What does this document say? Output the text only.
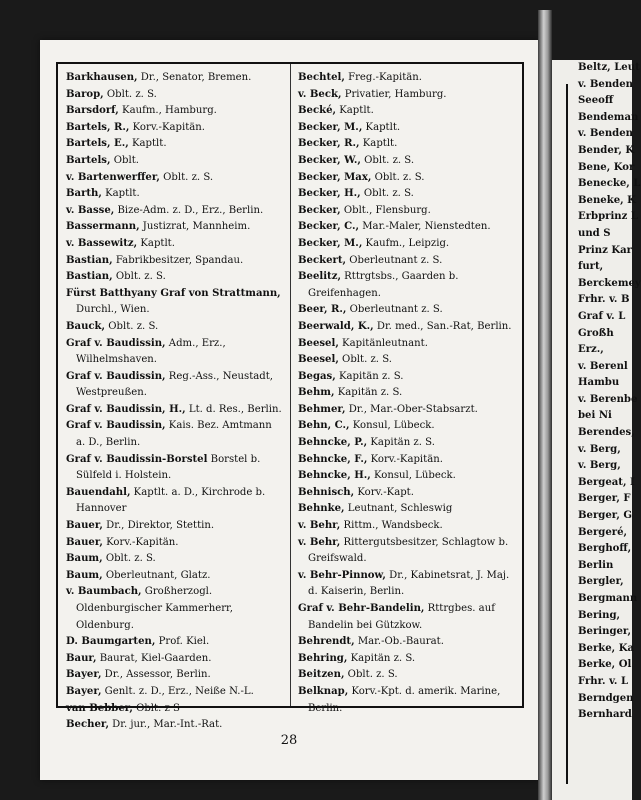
Barkhausen, Dr., Senator, Bremen.
Barop, Oblt. z. S.
Barsdorf, Kaufm., Hamburg.
Bartels, R., Korv.-Kapitän.
Bartels, E., Kaptlt.
Bartels, Oblt.
v. Bartenwerffer, Oblt. z. S.
Barth, Kaptlt.
v. Basse, Bize-Adm. z. D., Erz., Berlin.
Bassermann, Justizrat, Mannheim.
v. Bassewitz, Kaptlt.
Bastian, Fabrikbesitzer, Spandau.
Bastian, Oblt. z. S.
Fürst Batthyany Graf von Strattmann, Durchl., Wien.
Bauck, Oblt. z. S.
Graf v. Baudissin, Adm., Erz., Wilhelmshaven.
Graf v. Baudissin, Reg.-Ass., Neustadt, Westpreußen.
Graf v. Baudissin, H., Lt. d. Res., Berlin.
Graf v. Baudissin, Kais. Bez. Amtmann a. D., Berlin.
Graf v. Baudissin-Borstel Borstel b. Sülfeld i. Holstein.
Bauendahl, Kaptlt. a. D., Kirchrode b. Hannover
Bauer, Dr., Direktor, Stettin.
Bauer, Korv.-Kapitän.
Baum, Oblt. z. S.
Baum, Oberleutnant, Glatz.
v. Baumbach, Großherzogl. Oldenburgischer Kammerherr, Oldenburg.
D. Baumgarten, Prof. Kiel.
Baur, Baurat, Kiel-Gaarden.
Bayer, Dr., Assessor, Berlin.
Bayer, Genlt. z. D., Erz., Neiße N.-L.
van Bebber, Oblt. z S
Becher, Dr. jur., Mar.-Int.-Rat.
Bechtel, Freg.-Kapitän.
v. Beck, Privatier, Hamburg.
Becké, Kaptlt.
Becker, M., Kaptlt.
Becker, R., Kaptlt.
Becker, W., Oblt. z. S.
Becker, Max, Oblt. z. S.
Becker, H., Oblt. z. S.
Becker, Oblt., Flensburg.
Becker, C., Mar.-Maler, Nienstedten.
Becker, M., Kaufm., Leipzig.
Beckert, Oberleutnant z. S.
Beelitz, Rttrgtsbs., Gaarden b. Greifenhagen.
Beer, R., Oberleutnant z. S.
Beerwald, K., Dr. med., San.-Rat, Berlin.
Beesel, Kapitänleutnant.
Beesel, Oblt. z. S.
Begas, Kapitän z. S.
Behm, Kapitän z. S.
Behmer, Dr., Mar.-Ober-Stabsarzt.
Behn, C., Konsul, Lübeck.
Behncke, P., Kapitän z. S.
Behncke, F., Korv.-Kapitän.
Behncke, H., Konsul, Lübeck.
Behnisch, Korv.-Kapt.
Behnke, Leutnant, Schleswig
v. Behr, Rittm., Wandsbeck.
v. Behr, Rittergutsbesitzer, Schlagtow b. Greifswald.
v. Behr-Pinnow, Dr., Kabinetsrat, J. Maj. d. Kaiserin, Berlin.
Graf v. Behr-Bandelin, Rttrgbes. auf Bandelin bei Gützkow.
Behrendt, Mar.-Ob.-Baurat.
Behring, Kapitän z. S.
Beitzen, Oblt. z. S.
Belknap, Korv.-Kpt. d. amerik. Marine, Berlin.
28
Beltz, Leut
v. Benden
Seeoff
Bendeman
v. Benden
Bender, K
Bene, Kor
Benecke, L
Beneke, K
Erbprinz L
und S
Prinz Kar
furt,
Berckemey
Frhr. v. B
Graf v. L
Großh
Erz.,
v. Berenl
Hambu
v. Berenbe
bei Ni
Berendes,
v. Berg,
v. Berg,
Bergeat, I
Berger, F
Berger, G
Bergeré,
Berghoff,
Berlin
Bergler,
Bergmann
Bering,
Beringer,
Berke, Ka
Berke, Ol
Frhr. v. L
Berndgen
Bernhard
